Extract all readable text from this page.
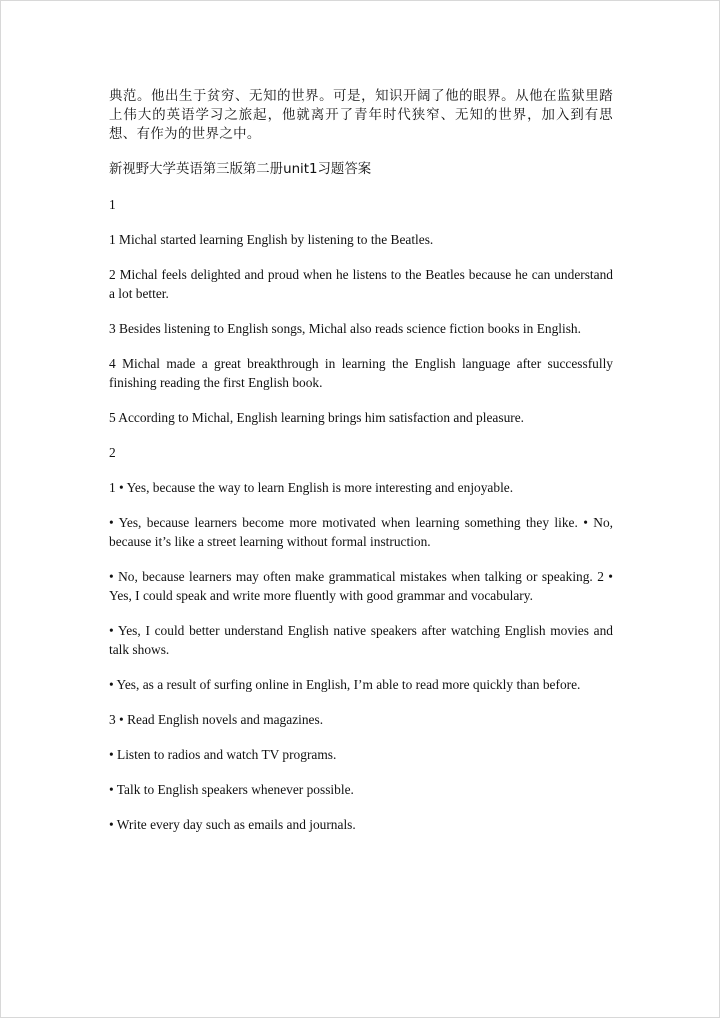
典范。他出生于贫穷、无知的世界。可是，知识开阔了他的眼界。从他在监狱里踏上伟大的英语学习之旅起，他就离开了青年时代狭窄、无知的世界，加入到有思想、有作为的世界之中。

新视野大学英语第三版第二册unit1习题答案

1

1 Michal started learning English by listening to the Beatles.

2 Michal feels delighted and proud when he listens to the Beatles because he can understand a lot better.

3 Besides listening to English songs, Michal also reads science fiction books in English.

4 Michal made a great breakthrough in learning the English language after successfully finishing reading the first English book.

5 According to Michal, English learning brings him satisfaction and pleasure.

2

1 • Yes, because the way to learn English is more interesting and enjoyable.

• Yes, because learners become more motivated when learning something they like. • No, because it’s like a street learning without formal instruction.

• No, because learners may often make grammatical mistakes when talking or speaking. 2 • Yes, I could speak and write more fluently with good grammar and vocabulary.

• Yes, I could better understand English native speakers after watching English movies and talk shows.

• Yes, as a result of surfing online in English, I’m able to read more quickly than before.

3 • Read English novels and magazines.

• Listen to radios and watch TV programs.

• Talk to English speakers whenever possible.

• Write every day such as emails and journals.
